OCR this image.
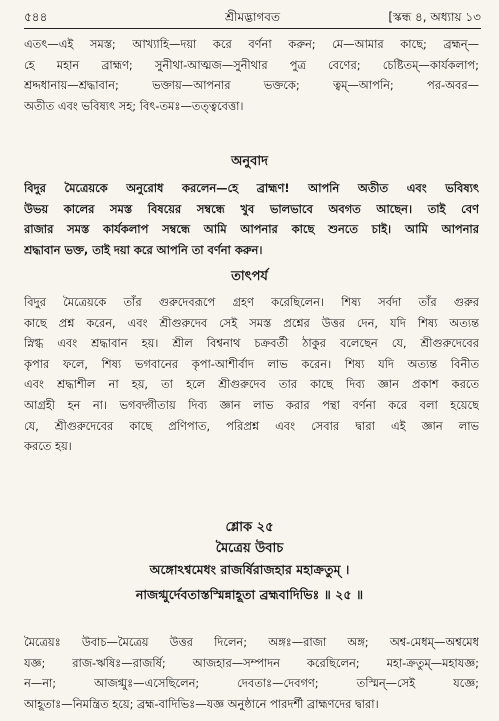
৫৪৪	শ্রীমদ্ভাগবত	[স্কন্ধ ৪, অধ্যায় ১৩
এতৎ—এই সমস্ত; আখ্যাহি—দয়া করে বর্ণনা করুন; মে—আমার কাছে; ব্রহ্মন্—
হে মহান ব্রাহ্মণ; সুনীথা-আত্মজ—সুনীথার পুত্র বেণের; চেষ্টিতম্—কার্যকলাপ;
শ্রদ্দধানায়—শ্রদ্ধাবান; ভক্তায়—আপনার ভক্তকে; ত্বম্—আপনি; পর-অবর—
অতীত এবং ভবিষ্যৎ সহ; বিৎ-তমঃ—তত্ত্ববেত্তা।
অনুবাদ
বিদুর মৈত্রেয়কে অনুরোধ করলেন—হে ব্রাহ্মণ! আপনি অতীত এবং ভবিষ্যৎ
উভয় কালের সমস্ত বিষয়ের সম্বন্ধে খুব ভালভাবে অবগত আছেন। তাই বেণ
রাজার সমস্ত কার্যকলাপ সম্বন্ধে আমি আপনার কাছে শুনতে চাই। আমি আপনার
শ্রদ্ধাবান ভক্ত, তাই দয়া করে আপনি তা বর্ণনা করুন।
তাৎপর্য
বিদুর মৈত্রেয়কে তাঁর গুরুদেবরূপে গ্রহণ করেছিলেন। শিষ্য সর্বদা তাঁর গুরুর
কাছে প্রশ্ন করেন, এবং শ্রীগুরুদেব সেই সমস্ত প্রশ্নের উত্তর দেন, যদি শিষ্য অত্যন্ত
স্নিগ্ধ এবং শ্রদ্ধাবান হয়। শ্রীল বিশ্বনাথ চক্রবর্তী ঠাকুর বলেছেন যে, শ্রীগুরুদেবের
কৃপার ফলে, শিষ্য ভগবানের কৃপা-আশীর্বাদ লাভ করেন। শিষ্য যদি অত্যন্ত বিনীত
এবং শ্রদ্ধাশীল না হয়, তা হলে শ্রীগুরুদেব তার কাছে দিব্য জ্ঞান প্রকাশ করতে
আগ্রহী হন না। ভগবদ্গীতায় দিব্য জ্ঞান লাভ করার পন্থা বর্ণনা করে বলা হয়েছে
যে, শ্রীগুরুদেবের কাছে প্রণিপাত, পরিপ্রশ্ন এবং সেবার দ্বারা এই জ্ঞান লাভ
করতে হয়।
শ্লোক ২৫
মৈত্রেয় উবাচ
অঙ্গোঽশ্বমেধং রাজর্ষিরাজহার মহাক্রতুম্ ।
নাজগ্মুর্দেবতাস্তস্মিন্নাহূতা ব্রহ্মবাদিভিঃ ॥ ২৫ ॥
মৈত্রেয়ঃ উবাচ—মৈত্রেয় উত্তর দিলেন; অঙ্গঃ—রাজা অঙ্গ; অশ্ব-মেধম্—অশ্বমেধ
যজ্ঞ; রাজ-ঋষিঃ—রাজর্ষি; আজহার—সম্পাদন করেছিলেন; মহা-ক্রতুম্—মহাযজ্ঞ;
ন—না; আজগ্মুঃ—এসেছিলেন; দেবতাঃ—দেবগণ; তস্মিন্—সেই যজ্ঞে;
আহূতাঃ—নিমন্ত্রিত হয়ে; ব্রহ্ম-বাদিভিঃ—যজ্ঞ অনুষ্ঠানে পারদর্শী ব্রাহ্মণদের দ্বারা।
